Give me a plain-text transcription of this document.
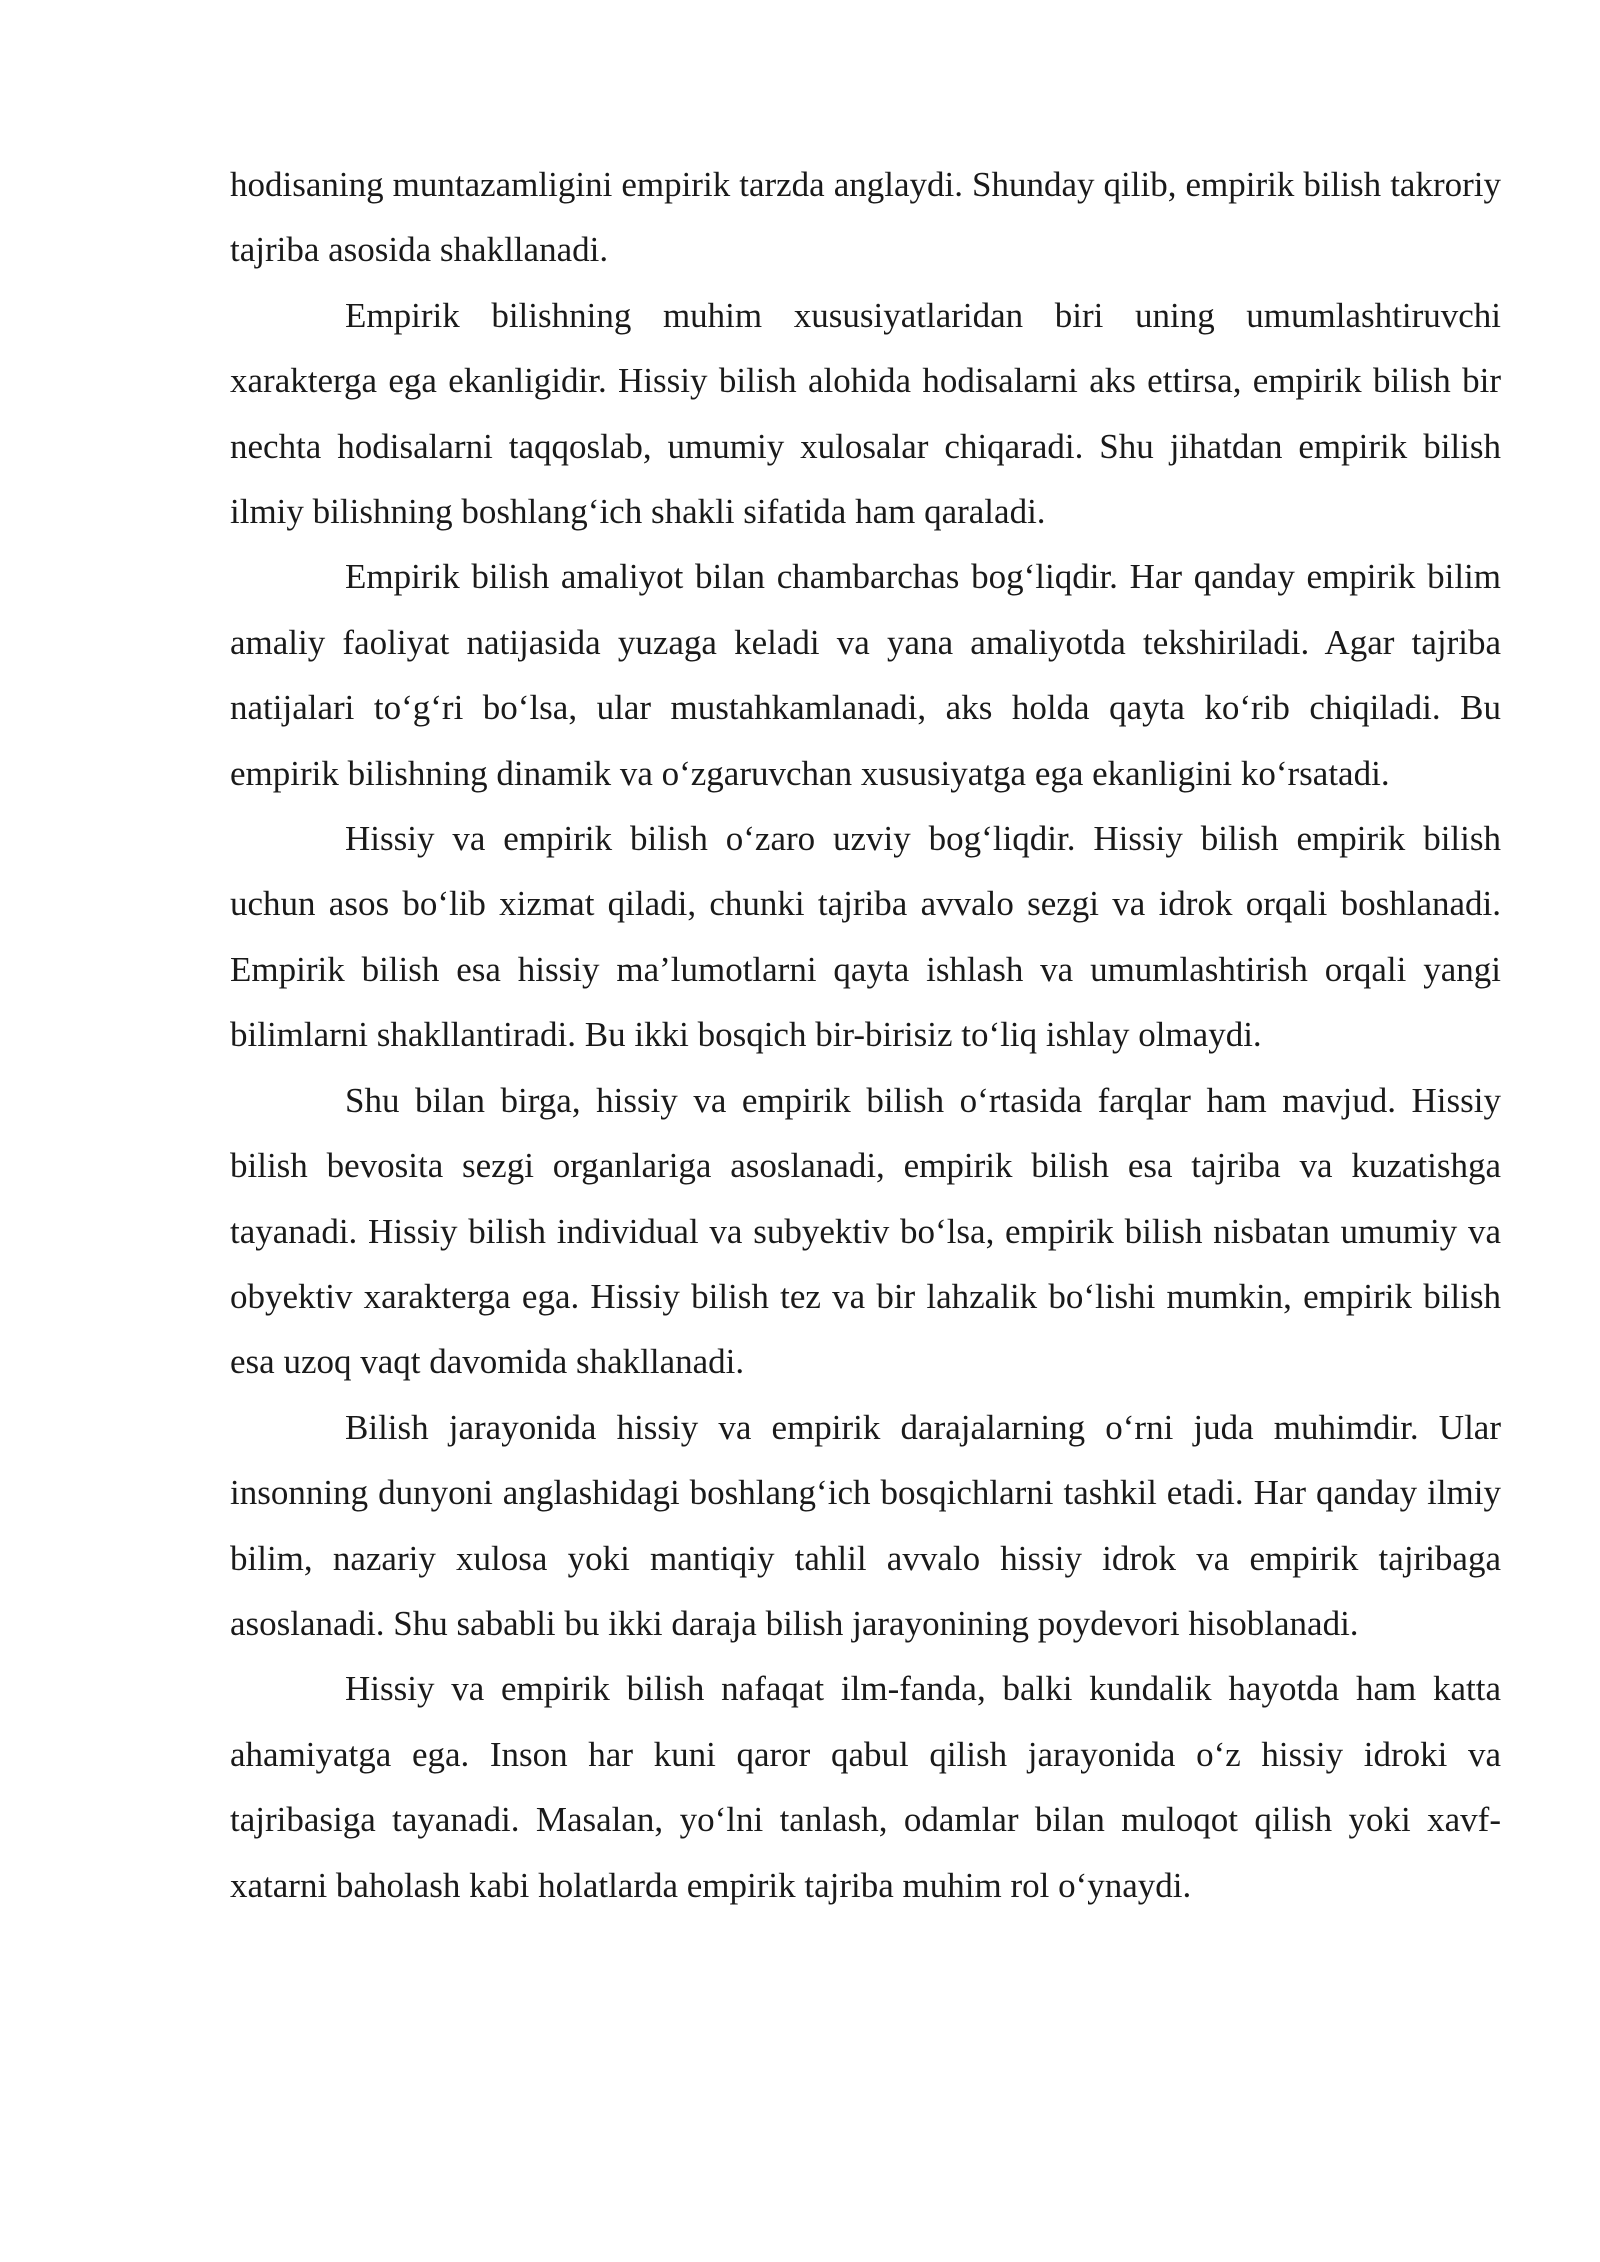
hodisaning muntazamligini empirik tarzda anglaydi. Shunday qilib, empirik bilish takroriy tajriba asosida shakllanadi.

Empirik bilishning muhim xususiyatlaridan biri uning umumlashtiruvchi xarakterga ega ekanligidir. Hissiy bilish alohida hodisalarni aks ettirsa, empirik bilish bir nechta hodisalarni taqqoslab, umumiy xulosalar chiqaradi. Shu jihatdan empirik bilish ilmiy bilishning boshlang‘ich shakli sifatida ham qaraladi.

Empirik bilish amaliyot bilan chambarchas bog‘liqdir. Har qanday empirik bilim amaliy faoliyat natijasida yuzaga keladi va yana amaliyotda tekshiriladi. Agar tajriba natijalari to‘g‘ri bo‘lsa, ular mustahkamlanadi, aks holda qayta ko‘rib chiqiladi. Bu empirik bilishning dinamik va o‘zgaruvchan xususiyatga ega ekanligini ko‘rsatadi.

Hissiy va empirik bilish o‘zaro uzviy bog‘liqdir. Hissiy bilish empirik bilish uchun asos bo‘lib xizmat qiladi, chunki tajriba avvalo sezgi va idrok orqali boshlanadi. Empirik bilish esa hissiy ma’lumotlarni qayta ishlash va umumlashtirish orqali yangi bilimlarni shakllantiradi. Bu ikki bosqich bir-birisiz to‘liq ishlay olmaydi.

Shu bilan birga, hissiy va empirik bilish o‘rtasida farqlar ham mavjud. Hissiy bilish bevosita sezgi organlariga asoslanadi, empirik bilish esa tajriba va kuzatishga tayanadi. Hissiy bilish individual va subyektiv bo‘lsa, empirik bilish nisbatan umumiy va obyektiv xarakterga ega. Hissiy bilish tez va bir lahzalik bo‘lishi mumkin, empirik bilish esa uzoq vaqt davomida shakllanadi.

Bilish jarayonida hissiy va empirik darajalarning o‘rni juda muhimdir. Ular insonning dunyoni anglashidagi boshlang‘ich bosqichlarni tashkil etadi. Har qanday ilmiy bilim, nazariy xulosa yoki mantiqiy tahlil avvalo hissiy idrok va empirik tajribaga asoslanadi. Shu sababli bu ikki daraja bilish jarayonining poydevori hisoblanadi.

Hissiy va empirik bilish nafaqat ilm-fanda, balki kundalik hayotda ham katta ahamiyatga ega. Inson har kuni qaror qabul qilish jarayonida o‘z hissiy idroki va tajribasiga tayanadi. Masalan, yo‘lni tanlash, odamlar bilan muloqot qilish yoki xavf-xatarni baholash kabi holatlarda empirik tajriba muhim rol o‘ynaydi.
